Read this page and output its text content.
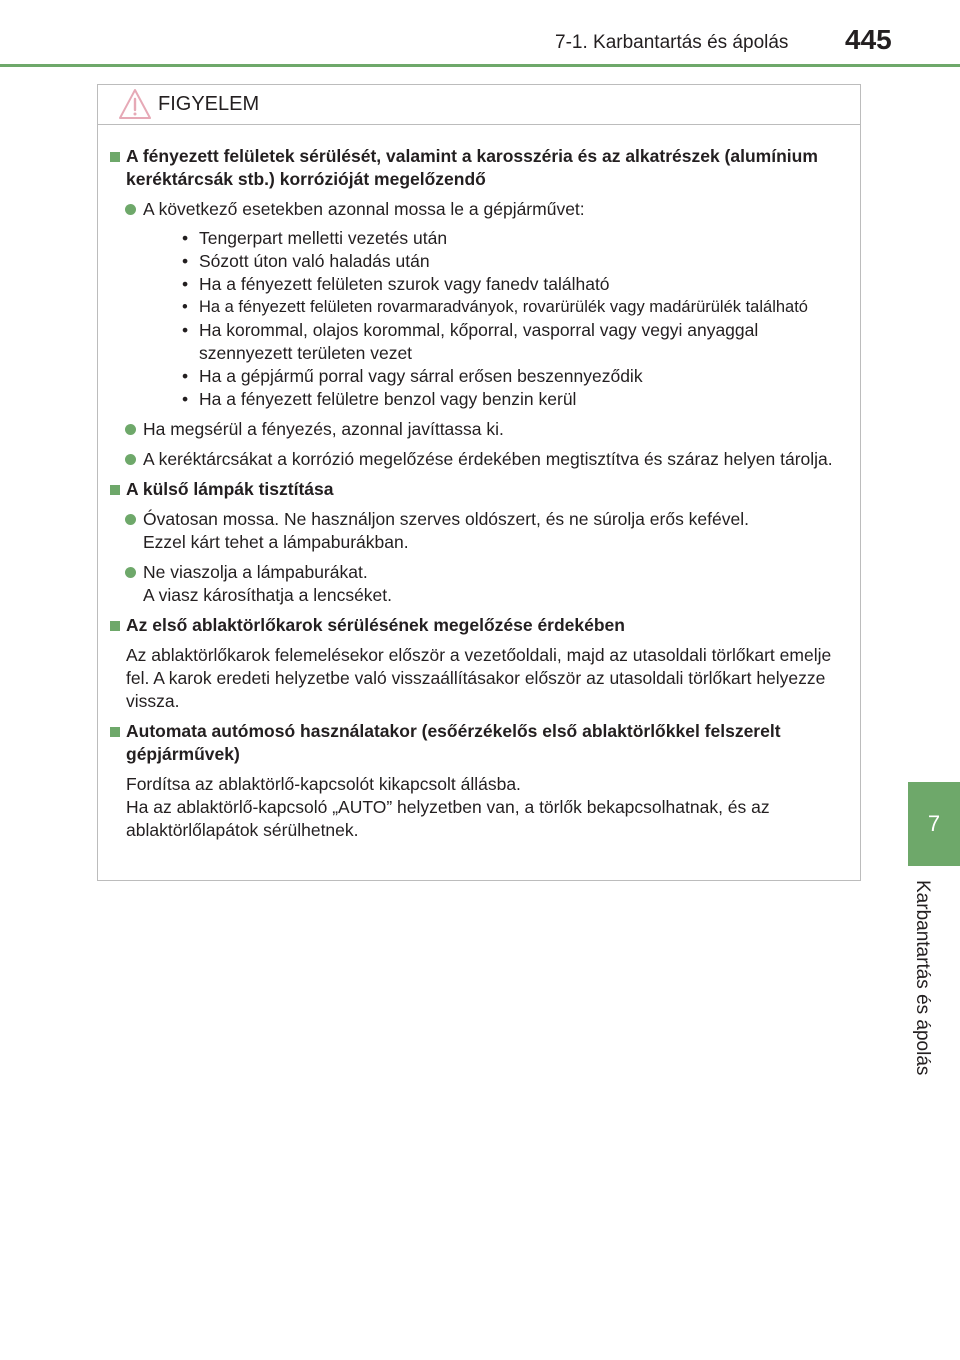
7-1. Karbantartás és ápolás 445
7
Karbantartás és ápolás
FIGYELEM
A fényezett felületek sérülését, valamint a karosszéria és az alkatrészek (alumínium keréktárcsák stb.) korrózióját megelőzendő
A következő esetekben azonnal mossa le a gépjárművet:
• Tengerpart melletti vezetés után
• Sózott úton való haladás után
• Ha a fényezett felületen szurok vagy fanedv található
• Ha a fényezett felületen rovarmaradványok, rovarürülék vagy madárürülék található
• Ha korommal, olajos korommal, kőporral, vasporral vagy vegyi anyaggal szennyezett területen vezet
• Ha a gépjármű porral vagy sárral erősen beszennyeződik
• Ha a fényezett felületre benzol vagy benzin kerül
Ha megsérül a fényezés, azonnal javíttassa ki.
A keréktárcsákat a korrózió megelőzése érdekében megtisztítva és száraz helyen tárolja.
A külső lámpák tisztítása
Óvatosan mossa. Ne használjon szerves oldószert, és ne súrolja erős kefével.
Ezzel kárt tehet a lámpaburákban.
Ne viaszolja a lámpaburákat.
A viasz károsíthatja a lencséket.
Az első ablaktörlőkarok sérülésének megelőzése érdekében
Az ablaktörlőkarok felemelésekor először a vezetőoldali, majd az utasoldali törlőkart emelje fel. A karok eredeti helyzetbe való visszaállításakor először az utasoldali törlőkart helyezze vissza.
Automata autómosó használatakor (esőérzékelős első ablaktörlőkkel felszerelt gépjárművek)
Fordítsa az ablaktörlő-kapcsolót kikapcsolt állásba.
Ha az ablaktörlő-kapcsoló „AUTO” helyzetben van, a törlők bekapcsolhatnak, és az ablaktörlőlapátok sérülhetnek.
